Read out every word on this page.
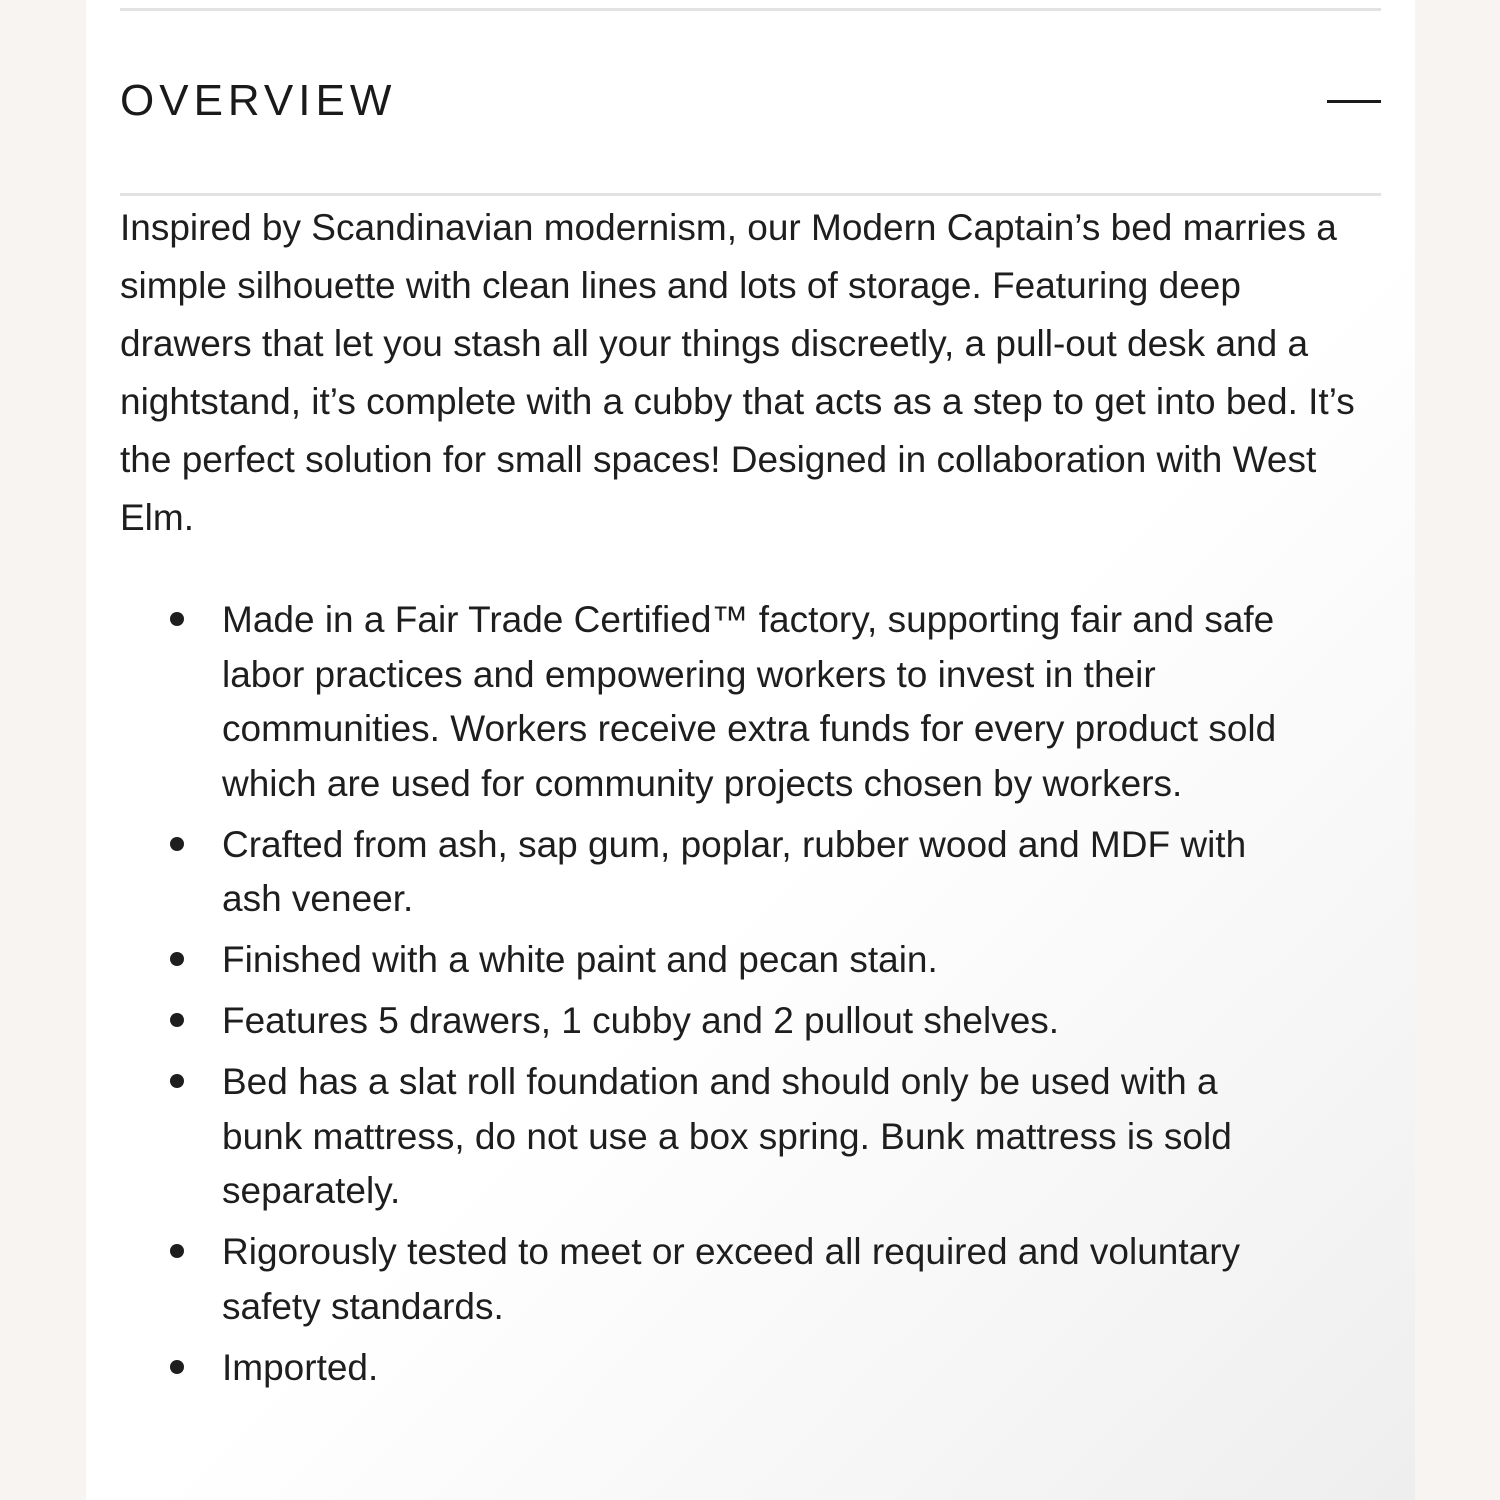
OVERVIEW

Inspired by Scandinavian modernism, our Modern Captain’s bed marries a simple silhouette with clean lines and lots of storage. Featuring deep drawers that let you stash all your things discreetly, a pull-out desk and a nightstand, it’s complete with a cubby that acts as a step to get into bed. It’s the perfect solution for small spaces! Designed in collaboration with West Elm.

Made in a Fair Trade Certified™ factory, supporting fair and safe labor practices and empowering workers to invest in their communities. Workers receive extra funds for every product sold which are used for community projects chosen by workers.
Crafted from ash, sap gum, poplar, rubber wood and MDF with ash veneer.
Finished with a white paint and pecan stain.
Features 5 drawers, 1 cubby and 2 pullout shelves.
Bed has a slat roll foundation and should only be used with a bunk mattress, do not use a box spring. Bunk mattress is sold separately.
Rigorously tested to meet or exceed all required and voluntary safety standards.
Imported.
